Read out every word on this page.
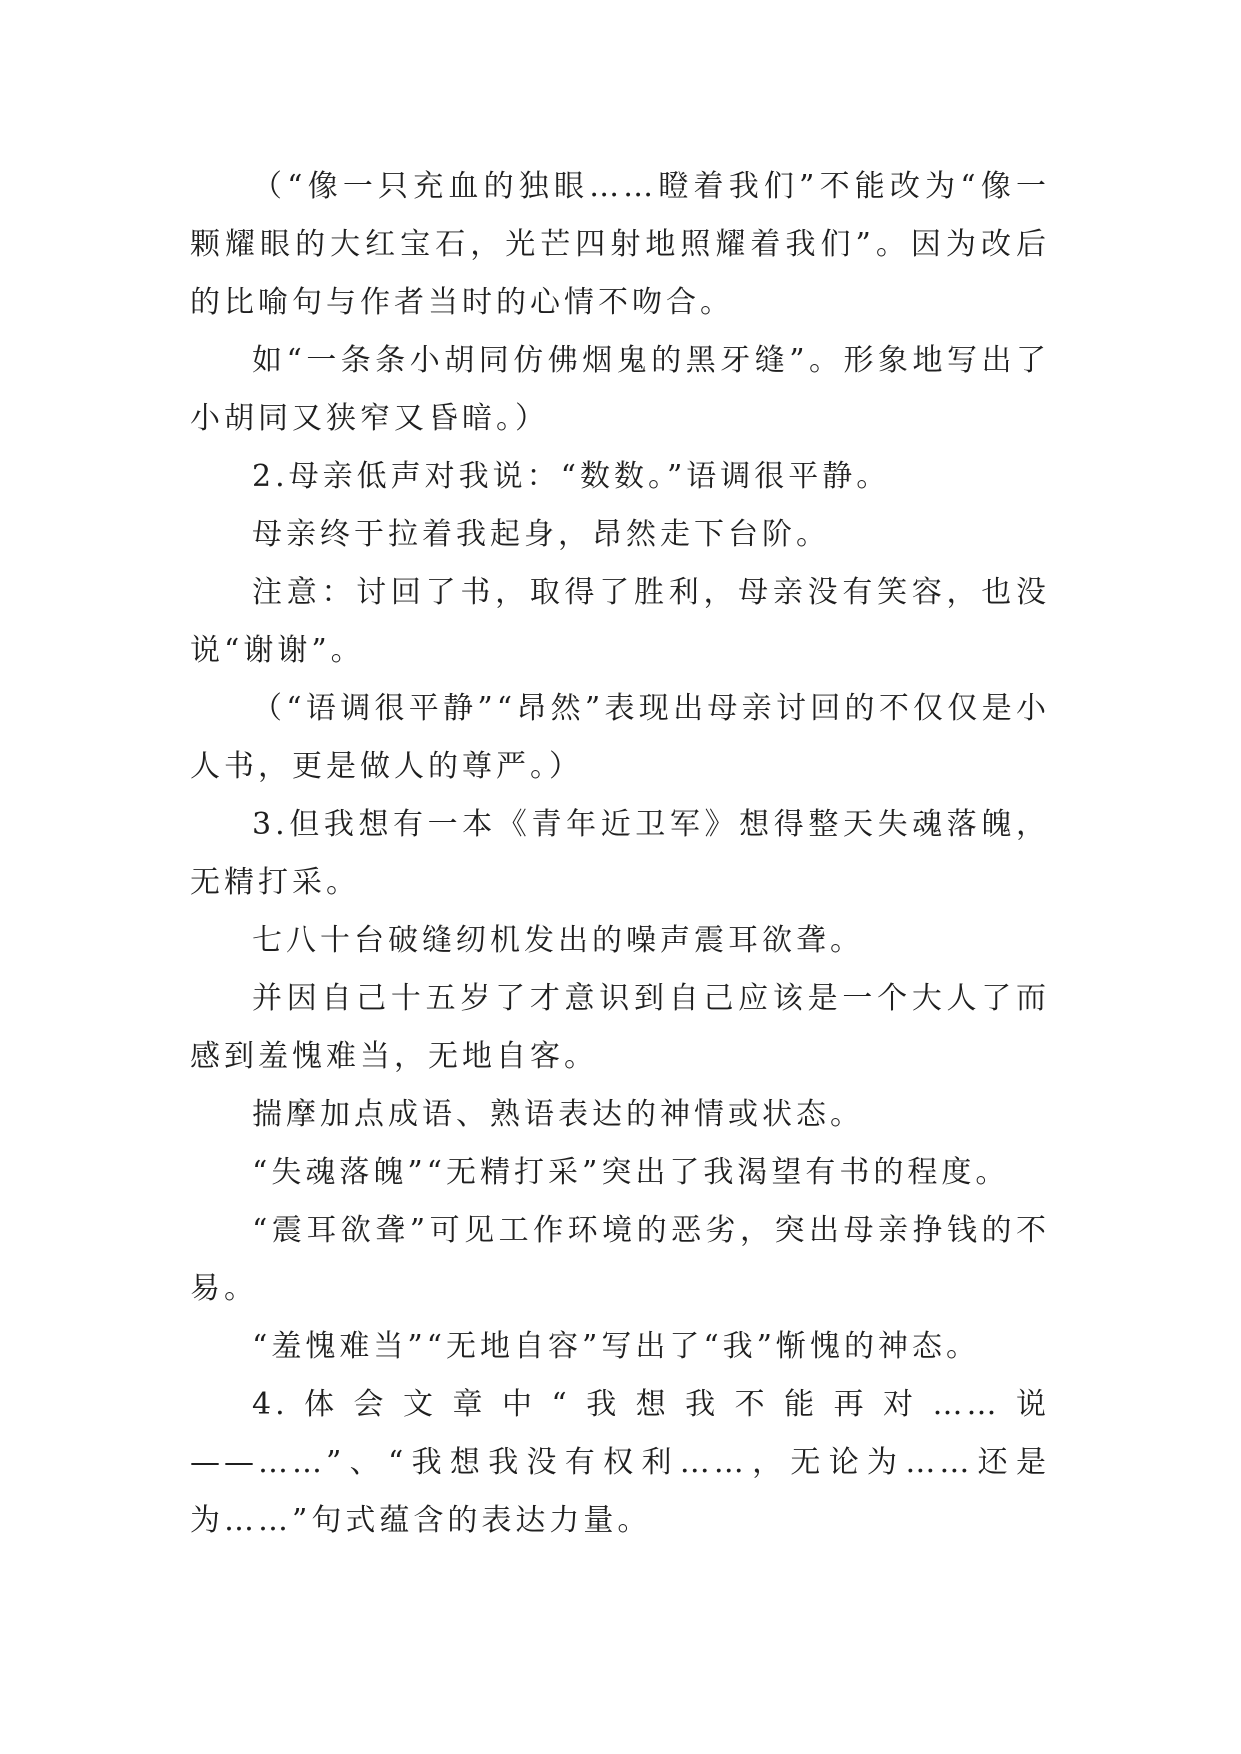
（“像一只充血的独眼……瞪着我们”不能改为“像一颗耀眼的大红宝石，光芒四射地照耀着我们”。因为改后的比喻句与作者当时的心情不吻合。

如“一条条小胡同仿佛烟鬼的黑牙缝”。形象地写出了小胡同又狭窄又昏暗。）

2.母亲低声对我说：“数数。”语调很平静。

母亲终于拉着我起身，昂然走下台阶。

注意：讨回了书，取得了胜利，母亲没有笑容，也没说“谢谢”。

（“语调很平静”“昂然”表现出母亲讨回的不仅仅是小人书，更是做人的尊严。）

3.但我想有一本《青年近卫军》想得整天失魂落魄，无精打采。

七八十台破缝纫机发出的噪声震耳欲聋。

并因自己十五岁了才意识到自己应该是一个大人了而感到羞愧难当，无地自客。

揣摩加点成语、熟语表达的神情或状态。

“失魂落魄”“无精打采”突出了我渴望有书的程度。

“震耳欲聋”可见工作环境的恶劣，突出母亲挣钱的不易。

“羞愧难当”“无地自容”写出了“我”惭愧的神态。

4.体会文章中“我想我不能再对……说——……”、“我想我没有权利……，无论为……还是为……”句式蕴含的表达力量。
